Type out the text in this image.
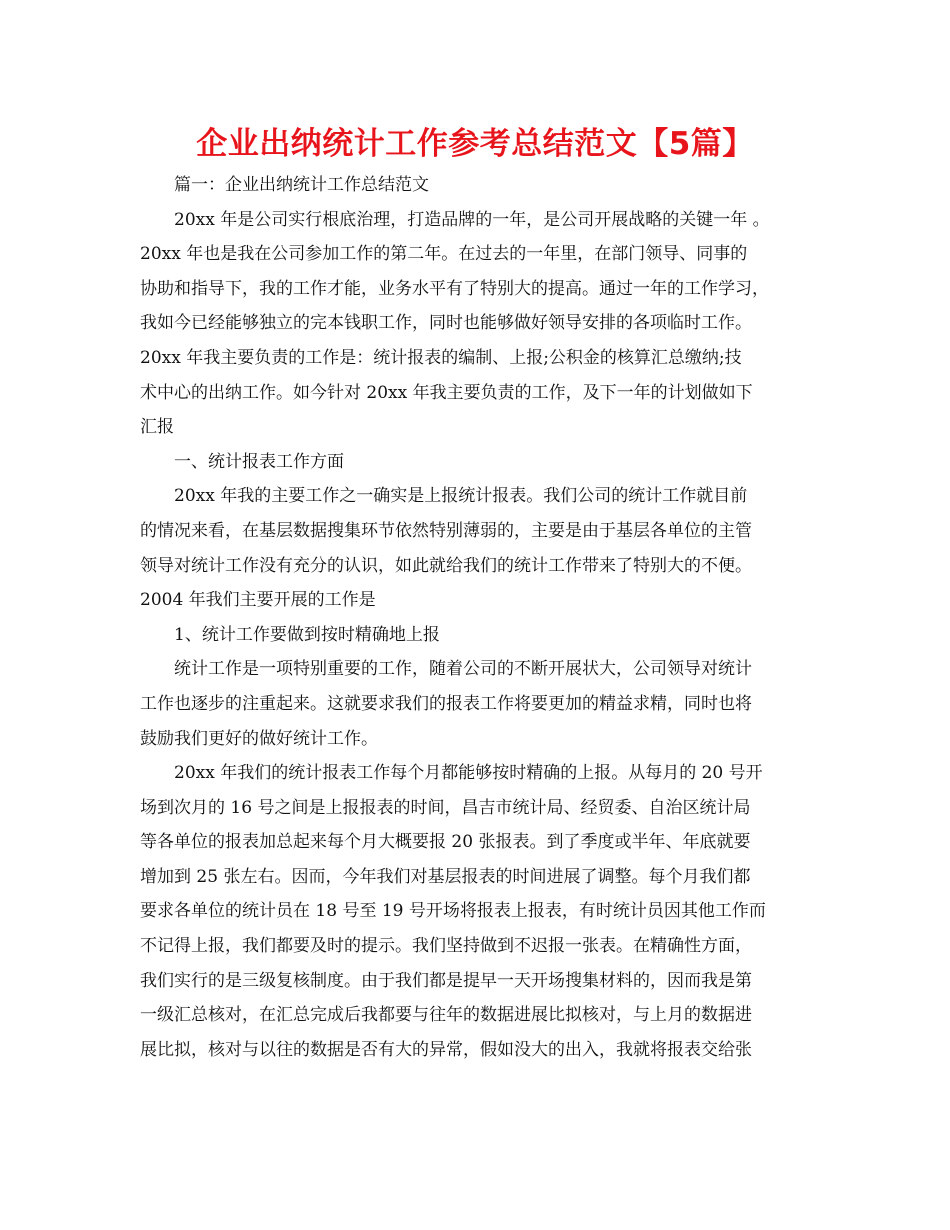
企业出纳统计工作参考总结范文【5篇】
篇一：企业出纳统计工作总结范文
20xx 年是公司实行根底治理，打造品牌的一年，是公司开展战略的关键一年 。
20xx 年也是我在公司参加工作的第二年。在过去的一年里，在部门领导、同事的
协助和指导下，我的工作才能，业务水平有了特别大的提高。通过一年的工作学习，
我如今已经能够独立的完本钱职工作，同时也能够做好领导安排的各项临时工作。
20xx 年我主要负责的工作是：统计报表的编制、上报;公积金的核算汇总缴纳;技
术中心的出纳工作。如今针对 20xx 年我主要负责的工作，及下一年的计划做如下
汇报
一、统计报表工作方面
20xx 年我的主要工作之一确实是上报统计报表。我们公司的统计工作就目前
的情况来看，在基层数据搜集环节依然特别薄弱的，主要是由于基层各单位的主管
领导对统计工作没有充分的认识，如此就给我们的统计工作带来了特别大的不便。
2004 年我们主要开展的工作是
1、统计工作要做到按时精确地上报
统计工作是一项特别重要的工作，随着公司的不断开展状大，公司领导对统计
工作也逐步的注重起来。这就要求我们的报表工作将要更加的精益求精，同时也将
鼓励我们更好的做好统计工作。
20xx 年我们的统计报表工作每个月都能够按时精确的上报。从每月的 20 号开
场到次月的 16 号之间是上报报表的时间，昌吉市统计局、经贸委、自治区统计局
等各单位的报表加总起来每个月大概要报 20 张报表。到了季度或半年、年底就要
增加到 25 张左右。因而，今年我们对基层报表的时间进展了调整。每个月我们都
要求各单位的统计员在 18 号至 19 号开场将报表上报表，有时统计员因其他工作而
不记得上报，我们都要及时的提示。我们坚持做到不迟报一张表。在精确性方面，
我们实行的是三级复核制度。由于我们都是提早一天开场搜集材料的，因而我是第
一级汇总核对，在汇总完成后我都要与往年的数据进展比拟核对，与上月的数据进
展比拟，核对与以往的数据是否有大的异常，假如没大的出入，我就将报表交给张
